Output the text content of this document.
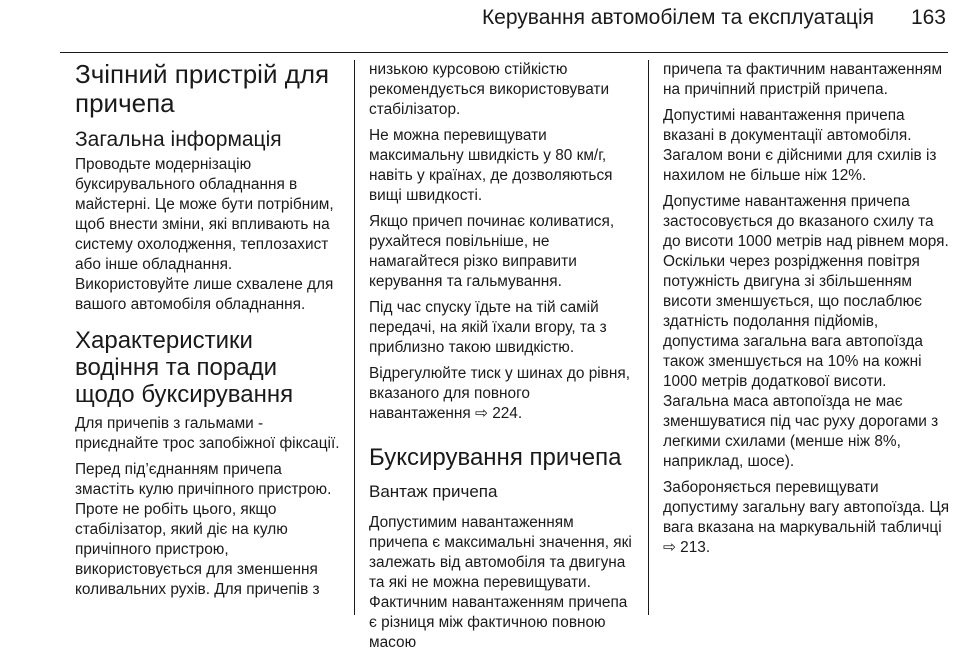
Керування автомобілем та експлуатація 163
Зчіпний пристрій для причепа
Загальна інформація

Проводьте модернізацію буксирувального обладнання в майстерні. Це може бути потрібним, щоб внести зміни, які впливають на систему охолодження, теплозахист або інше обладнання. Використовуйте лише схвалене для вашого автомобіля обладнання.

Характеристики водіння та поради щодо буксирування

Для причепів з гальмами - приєднайте трос запобіжної фіксації.

Перед під’єднанням причепа змастіть кулю причіпного пристрою. Проте не робіть цього, якщо стабілізатор, який діє на кулю причіпного пристрою, використовується для зменшення коливальних рухів. Для причепів з

низькою курсовою стійкістю рекомендується використовувати стабілізатор.

Не можна перевищувати максимальну швидкість у 80 км/г, навіть у країнах, де дозволяються вищі швидкості.

Якщо причеп починає коливатися, рухайтеся повільніше, не намагайтеся різко виправити керування та гальмування.

Під час спуску їдьте на тій самій передачі, на якій їхали вгору, та з приблизно такою швидкістю.

Відрегулюйте тиск у шинах до рівня, вказаного для повного навантаження ⇨ 224.

Буксирування причепа
Вантаж причепа

Допустимим навантаженням причепа є максимальні значення, які залежать від автомобіля та двигуна та які не можна перевищувати. Фактичним навантаженням причепа є різниця між фактичною повною масою

причепа та фактичним навантаженням на причіпний пристрій причепа.

Допустимі навантаження причепа вказані в документації автомобіля. Загалом вони є дійсними для схилів із нахилом не більше ніж 12%.

Допустиме навантаження причепа застосовується до вказаного схилу та до висоти 1000 метрів над рівнем моря. Оскільки через розрідження повітря потужність двигуна зі збільшенням висоти зменшується, що послаблює здатність подолання підйомів, допустима загальна вага автопоїзда також зменшується на 10% на кожні 1000 метрів додаткової висоти. Загальна маса автопоїзда не має зменшуватися під час руху дорогами з легкими схилами (менше ніж 8%, наприклад, шосе).

Забороняється перевищувати допустиму загальну вагу автопоїзда. Ця вага вказана на маркувальній табличці ⇨ 213.
